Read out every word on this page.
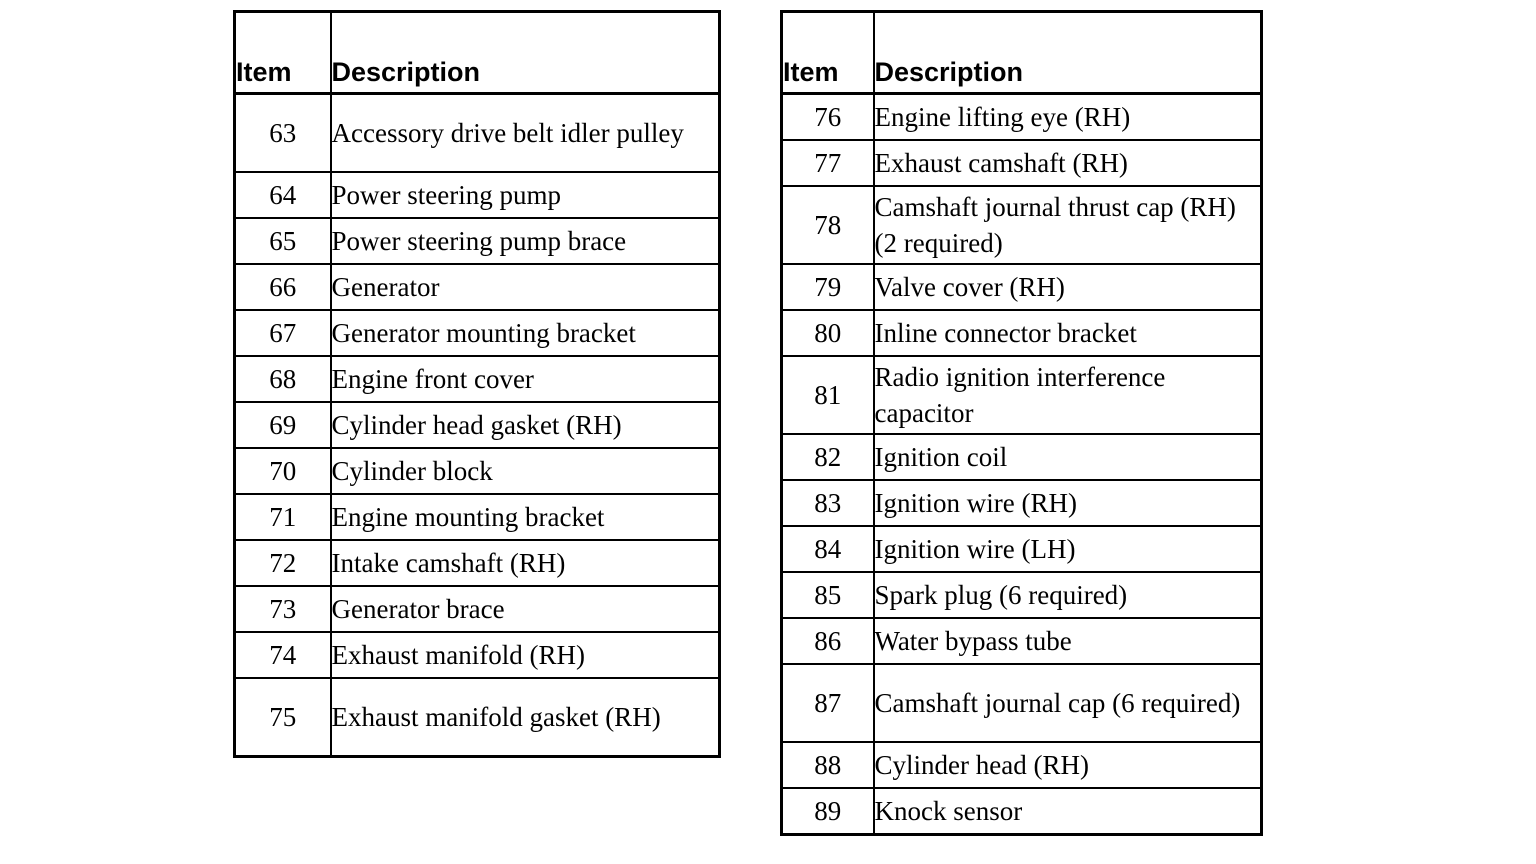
Item	Description
63	Accessory drive belt idler pulley
64	Power steering pump
65	Power steering pump brace
66	Generator
67	Generator mounting bracket
68	Engine front cover
69	Cylinder head gasket (RH)
70	Cylinder block
71	Engine mounting bracket
72	Intake camshaft (RH)
73	Generator brace
74	Exhaust manifold (RH)
75	Exhaust manifold gasket (RH)
Item	Description
76	Engine lifting eye (RH)
77	Exhaust camshaft (RH)
78	Camshaft journal thrust cap (RH) (2 required)
79	Valve cover (RH)
80	Inline connector bracket
81	Radio ignition interference capacitor
82	Ignition coil
83	Ignition wire (RH)
84	Ignition wire (LH)
85	Spark plug (6 required)
86	Water bypass tube
87	Camshaft journal cap (6 required)
88	Cylinder head (RH)
89	Knock sensor
